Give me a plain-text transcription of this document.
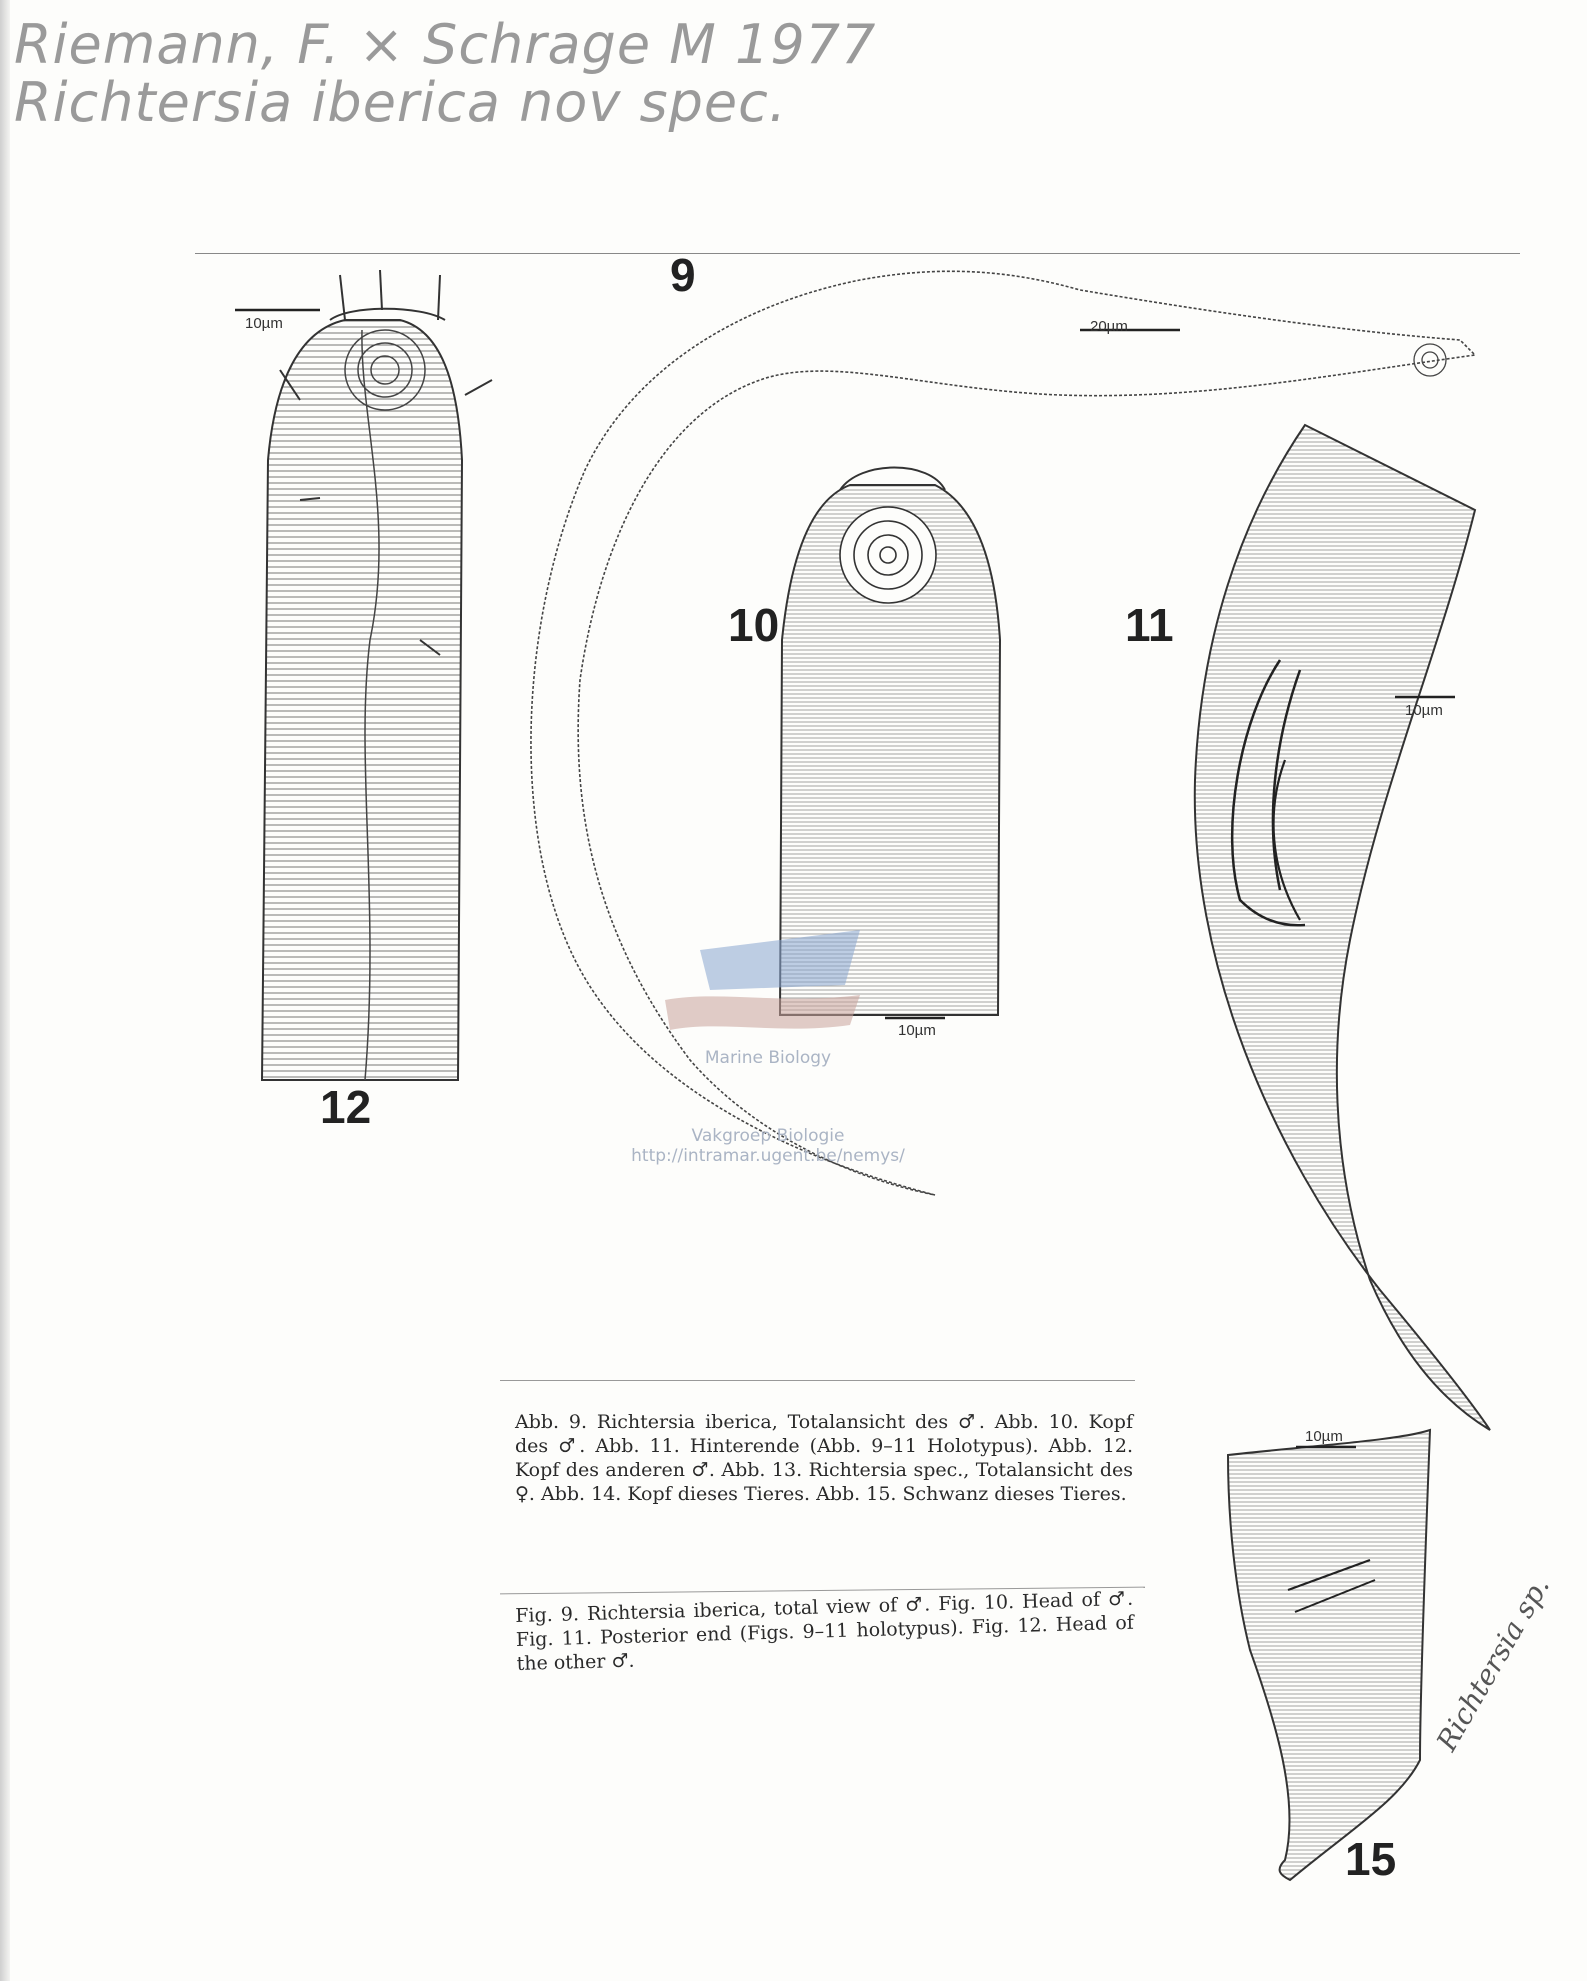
Riemann, F. × Schrage M 1977
Richtersia iberica nov spec.
9
10	11
12
15
10µm	20µm
10µm
10µm
10µm
Marine Biology
Vakgroep Biologie
http://intramar.ugent.be/nemys/
Abb. 9. Richtersia iberica, Totalansicht des ♂. Abb. 10. Kopf des ♂. Abb. 11. Hinterende (Abb. 9–11 Holotypus). Abb. 12. Kopf des anderen ♂. Abb. 13. Richtersia spec., Totalansicht des ♀. Abb. 14. Kopf dieses Tieres. Abb. 15. Schwanz dieses Tieres.
Fig. 9. Richtersia iberica, total view of ♂. Fig. 10. Head of ♂. Fig. 11. Posterior end (Figs. 9–11 holotypus). Fig. 12. Head of the other ♂.	Richtersia sp.
